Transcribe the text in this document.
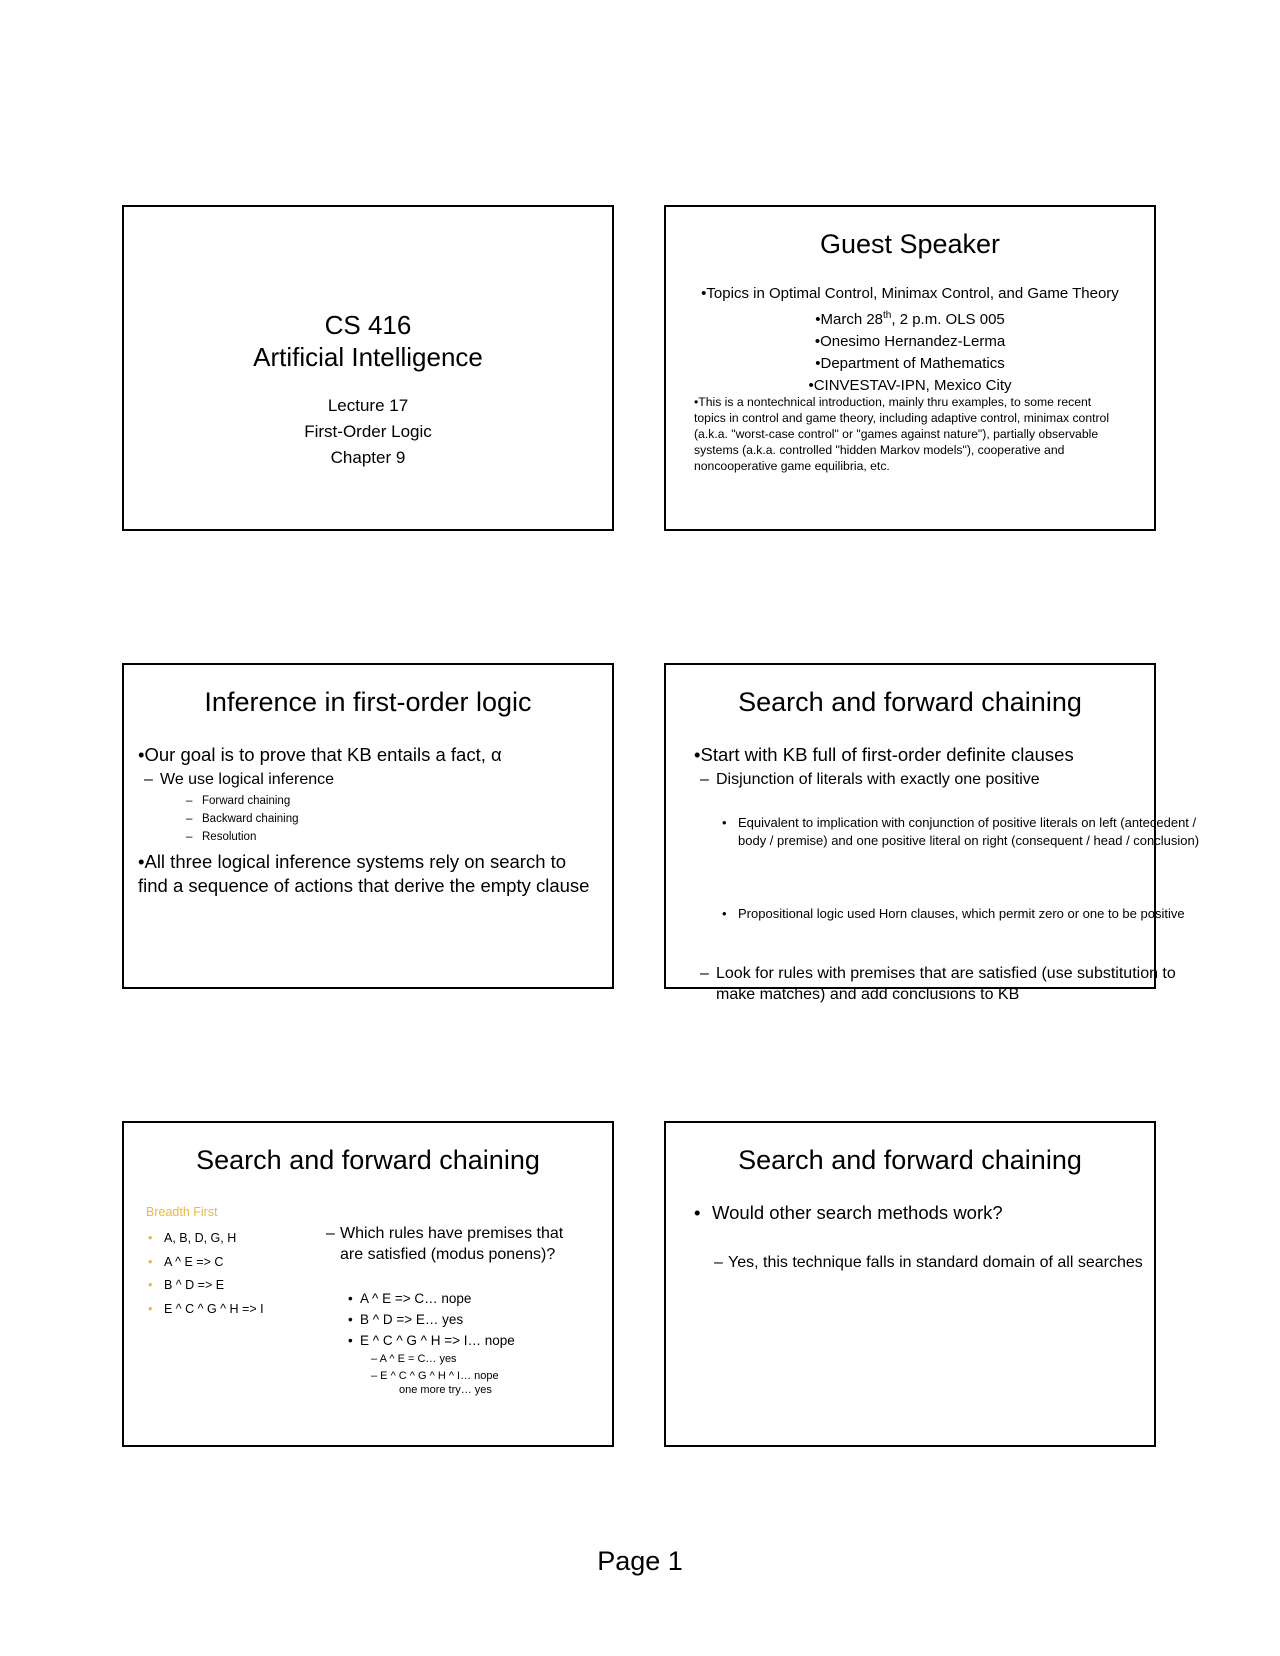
CS 416
Artificial Intelligence
Lecture 17
First-Order Logic
Chapter 9
Guest Speaker
•Topics in Optimal Control, Minimax Control, and Game Theory
•March 28th, 2 p.m. OLS 005
•Onesimo Hernandez-Lerma
•Department of Mathematics
•CINVESTAV-IPN, Mexico City
•This is a nontechnical introduction, mainly thru examples, to some recent topics in control and game theory, including adaptive control, minimax control (a.k.a. "worst-case control" or "games against nature"), partially observable systems (a.k.a. controlled "hidden Markov models"), cooperative and noncooperative game equilibria, etc.
Inference in first-order logic
•Our goal is to prove that KB entails a fact, α
– We use logical inference
– Forward chaining
– Backward chaining
– Resolution
•All three logical inference systems rely on search to find a sequence of actions that derive the empty clause
Search and forward chaining
•Start with KB full of first-order definite clauses
– Disjunction of literals with exactly one positive
• Equivalent to implication with conjunction of positive literals on left (antecedent / body / premise) and one positive literal on right (consequent / head / conclusion)
• Propositional logic used Horn clauses, which permit zero or one to be positive
– Look for rules with premises that are satisfied (use substitution to make matches) and add conclusions to KB
Search and forward chaining
Breadth First
• A, B, D, G, H
• A ^ E => C
• B ^ D => E
• E ^ C ^ G ^ H => I
– Which rules have premises that are satisfied (modus ponens)?
• A ^ E => C… nope
• B ^ D => E… yes
• E ^ C ^ G ^ H => I… nope
– A ^ E = C… yes
– E ^ C ^ G ^ H ^ I… nope
one more try… yes
Search and forward chaining
• Would other search methods work?
– Yes, this technique falls in standard domain of all searches
Page 1
